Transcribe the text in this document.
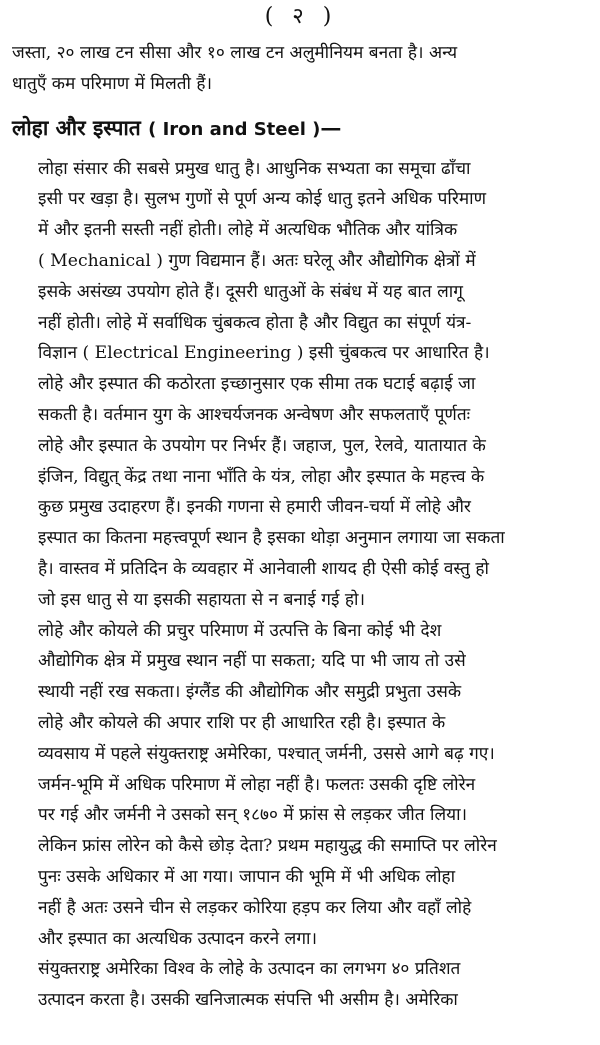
( २ )

जस्ता, २० लाख टन सीसा और १० लाख टन अलुमीनियम बनता है। अन्य
धातुएँ कम परिमाण में मिलती हैं।

लोहा और इस्पात ( Iron and Steel )—

लोहा संसार की सबसे प्रमुख धातु है। आधुनिक सभ्यता का समूचा ढाँचा
इसी पर खड़ा है। सुलभ गुणों से पूर्ण अन्य कोई धातु इतने अधिक परिमाण
में और इतनी सस्ती नहीं होती। लोहे में अत्यधिक भौतिक और यांत्रिक
( Mechanical ) गुण विद्यमान हैं। अतः घरेलू और औद्योगिक क्षेत्रों में
इसके असंख्य उपयोग होते हैं। दूसरी धातुओं के संबंध में यह बात लागू
नहीं होती। लोहे में सर्वाधिक चुंबकत्व होता है और विद्युत का संपूर्ण यंत्र-
विज्ञान ( Electrical Engineering ) इसी चुंबकत्व पर आधारित है।
लोहे और इस्पात की कठोरता इच्छानुसार एक सीमा तक घटाई बढ़ाई जा
सकती है। वर्तमान युग के आश्चर्यजनक अन्वेषण और सफलताएँ पूर्णतः
लोहे और इस्पात के उपयोग पर निर्भर हैं। जहाज, पुल, रेलवे, यातायात के
इंजिन, विद्युत् केंद्र तथा नाना भाँति के यंत्र, लोहा और इस्पात के महत्त्व के
कुछ प्रमुख उदाहरण हैं। इनकी गणना से हमारी जीवन-चर्या में लोहे और
इस्पात का कितना महत्त्वपूर्ण स्थान है इसका थोड़ा अनुमान लगाया जा सकता
है। वास्तव में प्रतिदिन के व्यवहार में आनेवाली शायद ही ऐसी कोई वस्तु हो
जो इस धातु से या इसकी सहायता से न बनाई गई हो।

लोहे और कोयले की प्रचुर परिमाण में उत्पत्ति के बिना कोई भी देश
औद्योगिक क्षेत्र में प्रमुख स्थान नहीं पा सकता; यदि पा भी जाय तो उसे
स्थायी नहीं रख सकता। इंग्लैंड की औद्योगिक और समुद्री प्रभुता उसके
लोहे और कोयले की अपार राशि पर ही आधारित रही है। इस्पात के
व्यवसाय में पहले संयुक्तराष्ट्र अमेरिका, पश्चात् जर्मनी, उससे आगे बढ़ गए।
जर्मन-भूमि में अधिक परिमाण में लोहा नहीं है। फलतः उसकी दृष्टि लोरेन
पर गई और जर्मनी ने उसको सन् १८७० में फ्रांस से लड़कर जीत लिया।
लेकिन फ्रांस लोरेन को कैसे छोड़ देता? प्रथम महायुद्ध की समाप्ति पर लोरेन
पुनः उसके अधिकार में आ गया। जापान की भूमि में भी अधिक लोहा
नहीं है अतः उसने चीन से लड़कर कोरिया हड़प कर लिया और वहाँ लोहे
और इस्पात का अत्यधिक उत्पादन करने लगा।

संयुक्तराष्ट्र अमेरिका विश्व के लोहे के उत्पादन का लगभग ४० प्रतिशत
उत्पादन करता है। उसकी खनिजात्मक संपत्ति भी असीम है। अमेरिका
